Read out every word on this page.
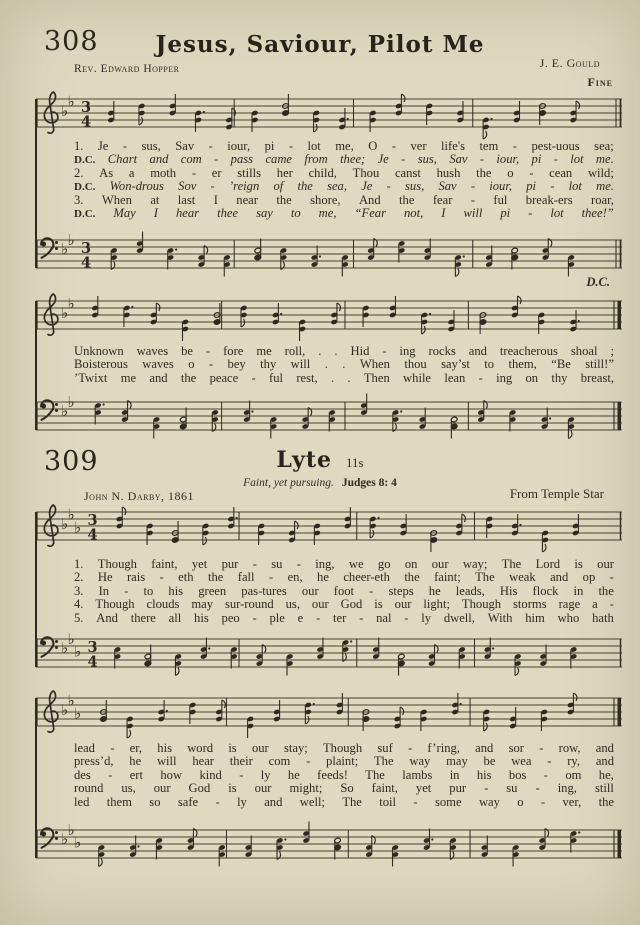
308	Jesus, Saviour, Pilot Me
Rev. Edward Hopper	J. E. Gould
Fine
♭
♭ 3
4
1. Je - sus, Sav - iour, pi - lot me, O - ver life's tem - pest-uous sea;
D.C. Chart and com - pass came from thee; Je - sus, Sav - iour, pi - lot me.
2. As a moth - er stills her child, Thou canst hush the o - cean wild;
D.C. Won-drous Sov - ’reign of the sea, Je - sus, Sav - iour, pi - lot me.
3. When at last I near the shore, And the fear - ful break-ers roar,
D.C. May I hear thee say to me, “Fear not, I will pi - lot thee!”
♭ ♭ 3
4
D.C.
♭
♭
Unknown waves be - fore me roll, . . Hid - ing rocks and treacherous shoal ;
Boisterous waves o - bey thy will . . When thou say’st to them, “Be still!”
’Twixt me and the peace - ful rest, . . Then while lean - ing on thy breast,
♭ ♭
309	Lyte 11s
Faint, yet pursuing. Judges 8: 4
John N. Darby, 1861	From Temple Star
♭
♭
♭ 3
4
1. Though faint, yet pur - su - ing, we go on our way; The Lord is our
2. He rais - eth the fall - en, he cheer-eth the faint; The weak and op -
3. In - to his green pas-tures our foot - steps he leads, His flock in the
4. Though clouds may sur-round us, our God is our light; Though storms rage a -
5. And there all his peo - ple e - ter - nal - ly dwell, With him who hath
♭ ♭
♭ 3
4
♭
♭
♭
lead - er, his word is our stay; Though suf - f’ring, and sor - row, and
press’d, he will hear their com - plaint; The way may be wea - ry, and
des - ert how kind - ly he feeds! The lambs in his bos - om he,
round us, our God is our might; So faint, yet pur - su - ing, still
led them so safe - ly and well; The toil - some way o - ver, the
♭ ♭
♭
